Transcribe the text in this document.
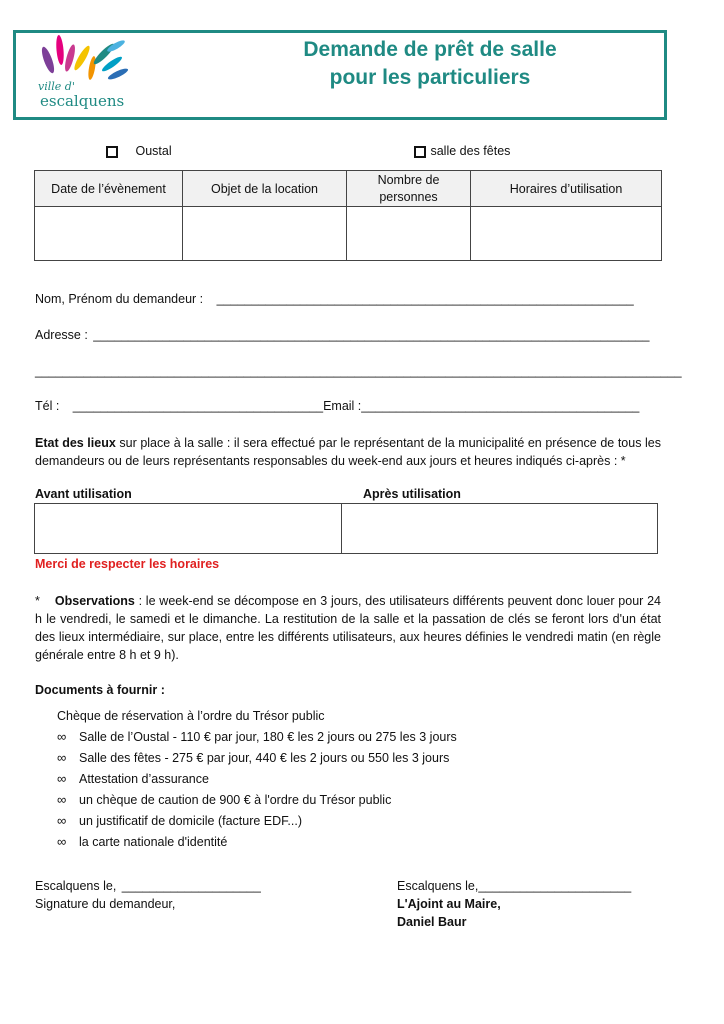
ville d'
escalquens
Demande de prêt de salle
pour les particuliers
Oustal	salle des fêtes
Date de l’évènement	Objet de la location	Nombre de personnes	Horaires d’utilisation

Nom, Prénom du demandeur : ____________________________________________________________
Adresse : ________________________________________________________________________________
_____________________________________________________________________________________________
Tél : ____________________________________Email :________________________________________
Etat des lieux sur place à la salle : il sera effectué par le représentant de la municipalité en présence de tous les demandeurs ou de leurs représentants responsables du week-end aux jours et heures indiqués ci-après : *
Avant utilisation	Après utilisation

Merci de respecter les horaires
* Observations : le week-end se décompose en 3 jours, des utilisateurs différents peuvent donc louer pour 24 h le vendredi, le samedi et le dimanche. La restitution de la salle et la passation de clés se feront lors d'un état des lieux intermédiaire, sur place, entre les différents utilisateurs, aux heures définies le vendredi matin (en règle générale entre 8 h et 9 h).
Documents à fournir :
Chèque de réservation à l’ordre du Trésor public
∞ Salle de l’Oustal - 110 € par jour, 180 € les 2 jours ou 275 les 3 jours
∞ Salle des fêtes - 275 € par jour, 440 € les 2 jours ou 550 les 3 jours
∞ Attestation d’assurance
∞ un chèque de caution de 900 € à l'ordre du Trésor public
∞ un justificatif de domicile (facture EDF...)
∞ la carte nationale d'identité
Escalquens le, ____________________
Signature du demandeur,
Escalquens le,______________________
L'Ajoint au Maire,
Daniel Baur
